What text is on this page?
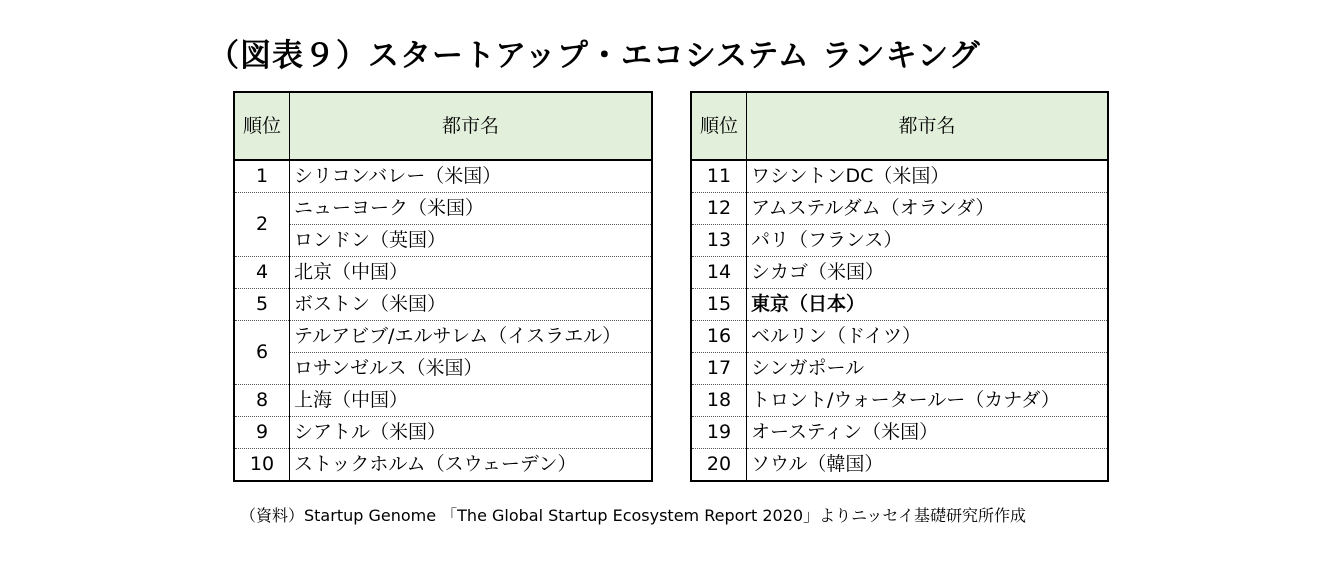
（図表９）スタートアップ・エコシステム ランキング
順位	都市名
1	シリコンバレー（米国）
2	ニューヨーク（米国）
	ロンドン（英国）
4	北京（中国）
5	ボストン（米国）
6	テルアビブ/エルサレム（イスラエル）
	ロサンゼルス（米国）
8	上海（中国）
9	シアトル（米国）
10	ストックホルム（スウェーデン）
順位	都市名
11	ワシントンDC（米国）
12	アムステルダム（オランダ）
13	パリ（フランス）
14	シカゴ（米国）
15	東京（日本）
16	ベルリン（ドイツ）
17	シンガポール
18	トロント/ウォータールー（カナダ）
19	オースティン（米国）
20	ソウル（韓国）
（資料）Startup Genome 「The Global Startup Ecosystem Report 2020」よりニッセイ基礎研究所作成
